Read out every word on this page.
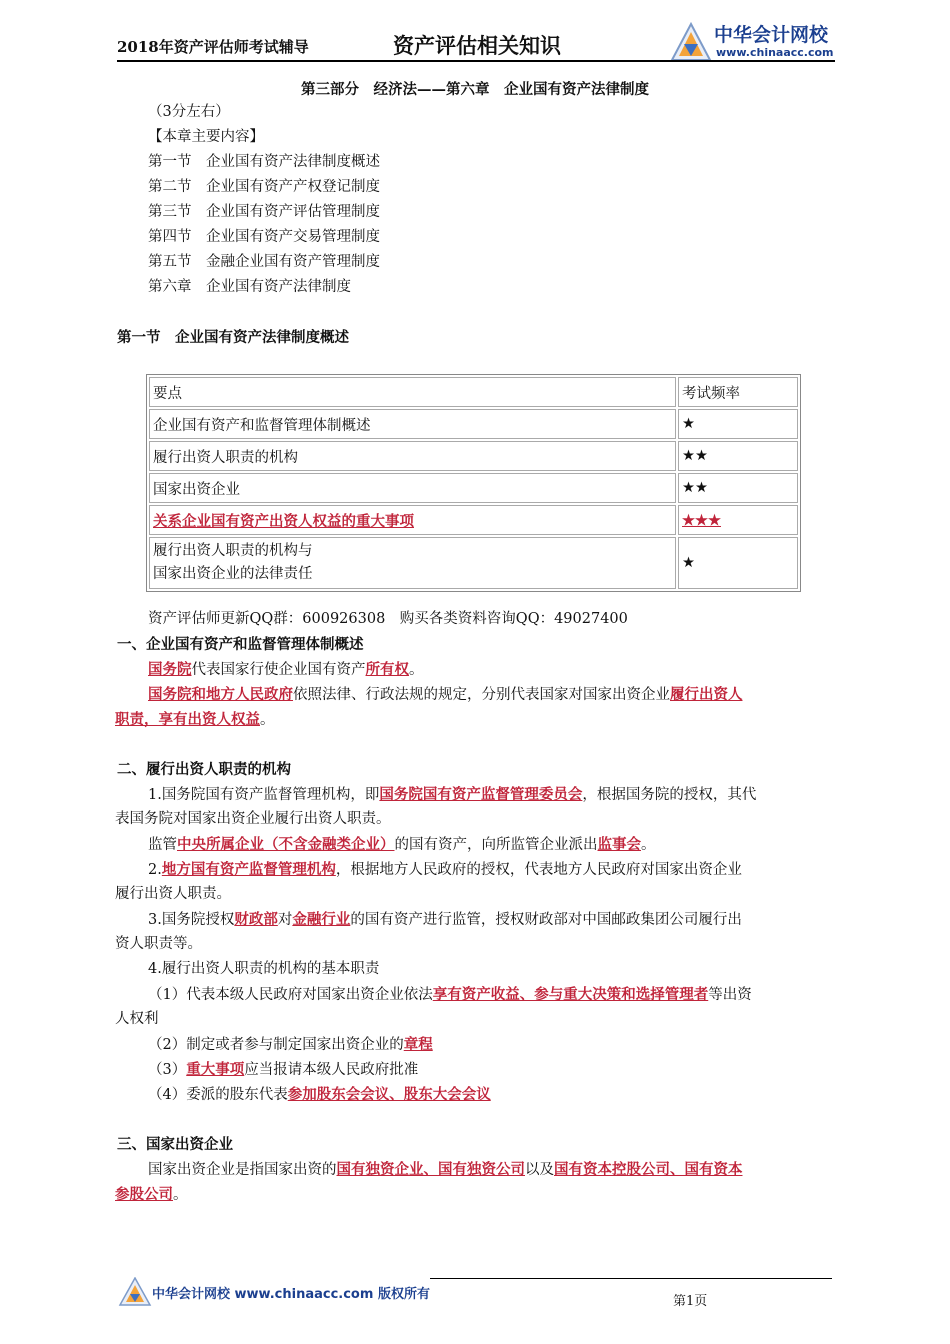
2018年资产评估师考试辅导	资产评估相关知识	中华会计网校
www.chinaacc.com
第三部分　经济法——第六章　企业国有资产法律制度
（3分左右）
【本章主要内容】
第一节　企业国有资产法律制度概述
第二节　企业国有资产产权登记制度
第三节　企业国有资产评估管理制度
第四节　企业国有资产交易管理制度
第五节　金融企业国有资产管理制度
第六章　企业国有资产法律制度
第一节　企业国有资产法律制度概述
要点	考试频率
企业国有资产和监督管理体制概述	★
履行出资人职责的机构	★★
国家出资企业	★★
关系企业国有资产出资人权益的重大事项	★★★
履行出资人职责的机构与
国家出资企业的法律责任	★
资产评估师更新QQ群：600926308　购买各类资料咨询QQ：49027400
一、企业国有资产和监督管理体制概述
国务院代表国家行使企业国有资产所有权。
国务院和地方人民政府依照法律、行政法规的规定，分别代表国家对国家出资企业履行出资人
职责，享有出资人权益。
二、履行出资人职责的机构
1.国务院国有资产监督管理机构，即国务院国有资产监督管理委员会，根据国务院的授权，其代
表国务院对国家出资企业履行出资人职责。
监管中央所属企业（不含金融类企业）的国有资产，向所监管企业派出监事会。
2.地方国有资产监督管理机构，根据地方人民政府的授权，代表地方人民政府对国家出资企业
履行出资人职责。
3.国务院授权财政部对金融行业的国有资产进行监管，授权财政部对中国邮政集团公司履行出
资人职责等。
4.履行出资人职责的机构的基本职责
（1）代表本级人民政府对国家出资企业依法享有资产收益、参与重大决策和选择管理者等出资
人权利
（2）制定或者参与制定国家出资企业的章程
（3）重大事项应当报请本级人民政府批准
（4）委派的股东代表参加股东会会议、股东大会会议
三、国家出资企业
国家出资企业是指国家出资的国有独资企业、国有独资公司以及国有资本控股公司、国有资本
参股公司。
中华会计网校 www.chinaacc.com 版权所有	第1页
